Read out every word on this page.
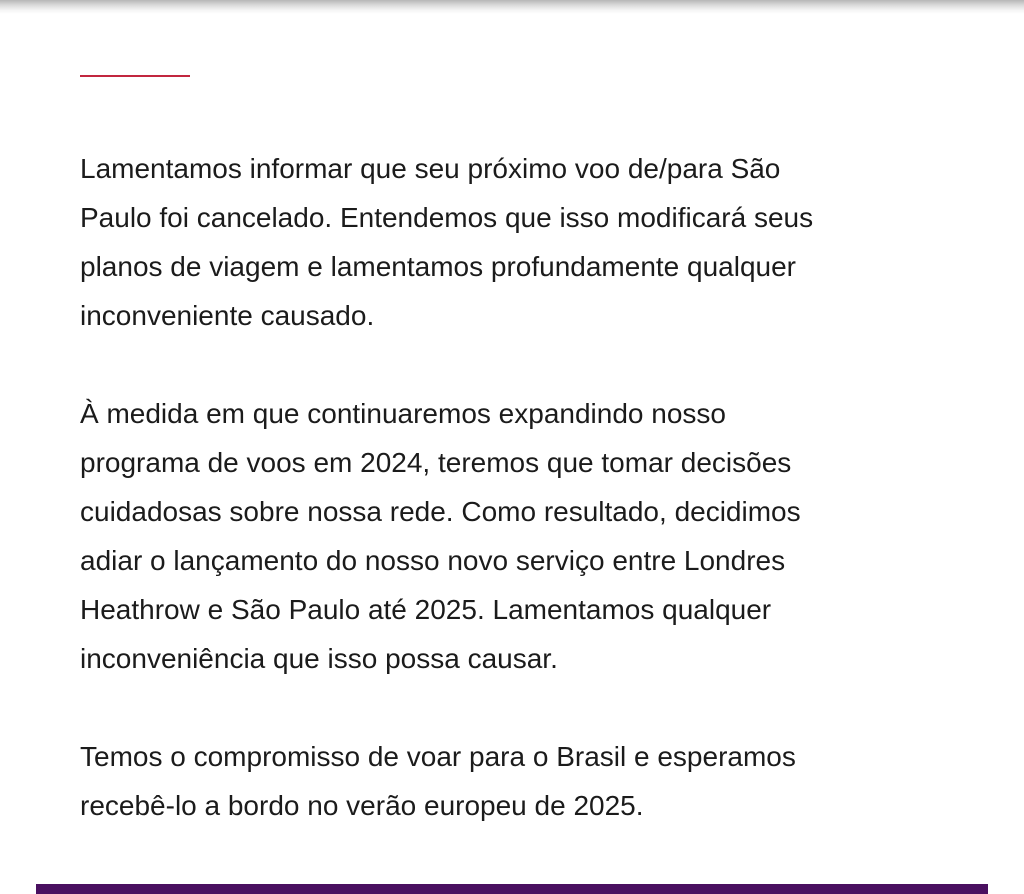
Lamentamos informar que seu próximo voo de/para São
Paulo foi cancelado. Entendemos que isso modificará seus
planos de viagem e lamentamos profundamente qualquer
inconveniente causado.

À medida em que continuaremos expandindo nosso
programa de voos em 2024, teremos que tomar decisões
cuidadosas sobre nossa rede. Como resultado, decidimos
adiar o lançamento do nosso novo serviço entre Londres
Heathrow e São Paulo até 2025. Lamentamos qualquer
inconveniência que isso possa causar.

Temos o compromisso de voar para o Brasil e esperamos
recebê-lo a bordo no verão europeu de 2025.
